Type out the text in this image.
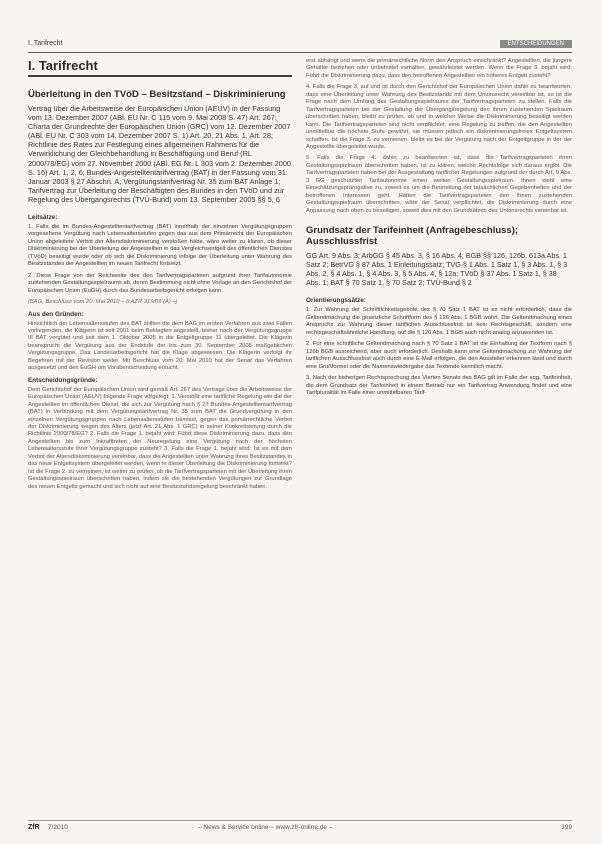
I. Tarifrecht	ENTSCHEIDUNGEN
I. Tarifrecht
Überleitung in den TVöD – Besitzstand – Diskriminierung
Vertrag über die Arbeitsweise der Europäischen Union (AEUV) in der Fassung vom 13. Dezember 2007 (ABl. EU Nr. C 115 vom 9. Mai 2008 S. 47) Art. 267; Charta der Grundrechte der Europäischen Union (GRC) vom 12. Dezember 2007 (ABl. EU Nr. C 303 vom 14. Dezember 2007 S. 1) Art. 20, 21 Abs. 1, Art. 28; Richtlinie des Rates zur Festlegung eines allgemeinen Rahmens für die Verwirklichung der Gleichbehandlung in Beschäftigung und Beruf (RL 2000/78/EG) vom 27. November 2000 (ABl. EG Nr. L 303 vom 2. Dezember 2000 S. 16) Art. 1, 2, 6; Bundes-Angestelltentarifvertrag (BAT) in der Fassung vom 31. Januar 2003 § 27 Abschn. A; Vergütungstarifvertrag Nr. 35 zum BAT Anlage 1; Tarifvertrag zur Überleitung der Beschäftigten des Bundes in den TVöD und zur Regelung des Übergangsrechts (TVÜ-Bund) vom 13. September 2005 §§ 5, 6
Leitsätze:
1. Falls die im Bundes-Angestelltentarifvertrag (BAT) innerhalb der einzelnen Vergütungsgruppen vorgesehene Vergütung nach Lebensaltersstufen gegen das aus dem Primärrecht der Europäischen Union abgeleitete Verbot der Altersdiskriminierung verstoßen hätte, wäre weiter zu klären, ob dieser Diskriminierung bei der Überleitung der Angestellten in das Vergleichsentgelt des öffentlichen Dienstes (TVöD) beseitigt wurde oder ob sich die Diskriminierung infolge der Überleitung unter Wahrung des Besitzstandes der Angestellten im neuen Tarifrecht fortsetzt.
2. Diese Frage von der Reichweite des den Tarifvertragsparteien aufgrund ihrer Tarifautonomie zustehenden Gestaltungsspielraums ab, deren Bestimmung nicht ohne Vorlage an den Gerichtshof der Europäischen Union (EuGH) durch das Bundesarbeitsgericht erfolgen kann.
(BAG, Beschluss vom 20. Mai 2010 – 6 AZR 319/09 (A) –)
Aus den Gründen:
Hinsichtlich der Lebensaltersstufen des BAT sollten die dem BAG im ersten Verfahren aus zwei Fällen vorliegenden, die Klägerin ist seit 2001 beim Beklagten angestellt, bisher nach der Vergütungsgruppe III BAT vergütet und seit dem 1. Oktober 2005 in die Entgeltgruppe 11 übergeleitet. Die Klägerin beansprucht die Vergütung aus der Endstufe der bis zum 30. September 2005 maßgeblichen Vergütungsgruppe. Das Landesarbeitsgericht hat die Klage abgewiesen. Die Klägerin verfolgt ihr Begehren mit der Revision weiter. Mit Beschluss vom 20. Mai 2010 hat der Senat das Verfahren ausgesetzt und den EuGH um Vorabentscheidung ersucht.
Entscheidungsgründe:
Dem Gerichtshof der Europäischen Union wird gemäß Art. 267 des Vertrags über die Arbeitsweise der Europäischen Union (AEUV) folgende Frage vorgelegt: 1. Verstößt eine tarifliche Regelung wie die der Angestellten im öffentlichen Dienst, die sich zur Vergütung nach § 27 Bundes-Angestelltentarifvertrag (BAT) in Verbindung mit dem Vergütungstarifvertrag Nr. 35 zum BAT die Grundvergütung in den einzelnen Vergütungsgruppen nach Lebensaltersstufen bemisst, gegen das primärrechtliche Verbot der Diskriminierung wegen des Alters (jetzt Art. 21 Abs. 1 GRC) in seiner Konkretisierung durch die Richtlinie 2000/78/EG? 2. Falls die Frage 1. bejaht wird: Führt diese Diskriminierung dazu, dass den Angestellten bis zum Inkrafttreten der Neuregelung eine Vergütung nach der höchsten Lebensaltersstufe ihrer Vergütungsgruppe zusteht? 3. Falls die Frage 1. bejaht wird: Ist es mit dem Verbot der Altersdiskriminierung vereinbar, dass die Angestellten unter Wahrung ihres Besitzstandes in das neue Entgeltsystem übergeleitet werden, wenn in dieser Überleitung die Diskriminierung fortwirkt? Ist die Frage 2. zu verneinen, ist weiter zu prüfen, ob die Tarifvertragsparteien mit der Überleitung ihren Gestaltungsspielraum überschritten haben, indem sie die bestehenden Vergütungen zur Grundlage des neuen Entgelts gemacht und sich nicht auf eine Besitzstandsregelung beschränkt haben.
erst abhängt und wenn die primärrechtliche Norm den Anspruch einschränkt? Angestellten, die jüngere Gehälter beziehen oder unbefristet vorhalten, gewährleistet werden. Wenn die Frage 3. bejaht wird: Führt die Diskriminierung dazu, dass den betroffenen Angestellten ein höheres Entgelt zusteht?
4. Falls die Frage 3. auf und ist durch den Gerichtshof der Europäischen Union dahin zu beantworten, dass eine Überleitung unter Wahrung des Besitzstands mit dem Unionsrecht vereinbar ist, so ist die Frage nach dem Umfang des Gestaltungsspielraums der Tarifvertragsparteien zu stellen. Falls die Tarifvertragsparteien bei der Gestaltung der Übergangsregelung den ihnen zustehenden Spielraum überschritten haben, bleibt zu prüfen, ob und in welcher Weise die Diskriminierung beseitigt werden kann. Die Tarifvertragsparteien sind nicht verpflichtet, eine Regelung zu treffen, die den Angestellten unmittelbar die höchste Stufe gewährt, sie müssen jedoch ein diskriminierungsfreies Entgeltsystem schaffen. Ist die Frage 3. zu verneinen, bleibt es bei der Vergütung nach der Entgeltgruppe in der der Angestellte übergeleitet wurde.
5. Falls die Frage 4. dahin zu beantworten ist, dass die Tarifvertragsparteien ihren Gestaltungsspielraum überschritten haben, ist zu klären, welche Rechtsfolge sich daraus ergibt. Die Tarifvertragsparteien haben bei der Ausgestaltung tariflicher Regelungen aufgrund der durch Art. 9 Abs. 3 GG geschützten Tarifautonomie einen weiten Gestaltungsspielraum. Ihnen steht eine Einschätzungsprärogative zu, soweit es um die Beurteilung der tatsächlichen Gegebenheiten und der betroffenen Interessen geht. Hätten die Tarifvertragsparteien den ihnen zustehenden Gestaltungsspielraum überschritten, wäre der Senat verpflichtet, die Diskriminierung durch eine Anpassung nach oben zu beseitigen, soweit dies mit den Grundsätzen des Unionsrechts vereinbar ist.
Grundsatz der Tarifeinheit (Anfragebeschluss); Ausschlussfrist
GG Art. 9 Abs. 3; ArbGG § 45 Abs. 3, § 16 Abs. 4; BGB §§ 126, 126b, 613a Abs. 1 Satz 2; BetrVG § 87 Abs. 1 Einleitungssatz; TVG § 1 Abs. 1 Satz 1, § 3 Abs. 1, § 3 Abs. 2, § 4 Abs. 1, § 4 Abs. 3, § 5 Abs. 4, § 12a; TVöD § 37 Abs. 1 Satz 1, § 38 Abs. 1; BAT § 70 Satz 1, § 70 Satz 2; TVÜ-Bund § 2
Orientierungssätze:
1. Zur Wahrung der Schriftlichkeitsgebote des § 70 Satz 1 BAT ist es nicht erforderlich, dass die Geltendmachung die gesetzliche Schriftform des § 126 Abs. 1 BGB wahrt. Die Geltendmachung eines Anspruchs zur Wahrung dieser tariflichen Ausschlussfrist ist kein Rechtsgeschäft, sondern eine rechtsgeschäftsähnliche Handlung, auf die § 126 Abs. 1 BGB auch nicht analog anzuwenden ist.
2. Für eine schriftliche Geltendmachung nach § 70 Satz 1 BAT ist die Einhaltung der Textform nach § 126b BGB ausreichend, aber auch erforderlich. Deshalb kann eine Geltendmachung zur Wahrung der tariflichen Ausschlussfrist auch durch eine E-Mail erfolgen, die den Aussteller erkennen lässt und durch eine Grußformel oder die Namenswiedergabe das Textende kenntlich macht.
3. Nach der bisherigen Rechtsprechung des Vierten Senats des BAG gilt im Falle der sog. Tarifeinheit, die dem Grundsatz der Tarifeinheit in einem Betrieb nur ein Tarifvertrag Anwendung findet und eine Tarifpluralität im Falle einer unmittelbaren Tarif-
ZfR 7/2010	– News & Service online – www.zfr-online.de –	399
